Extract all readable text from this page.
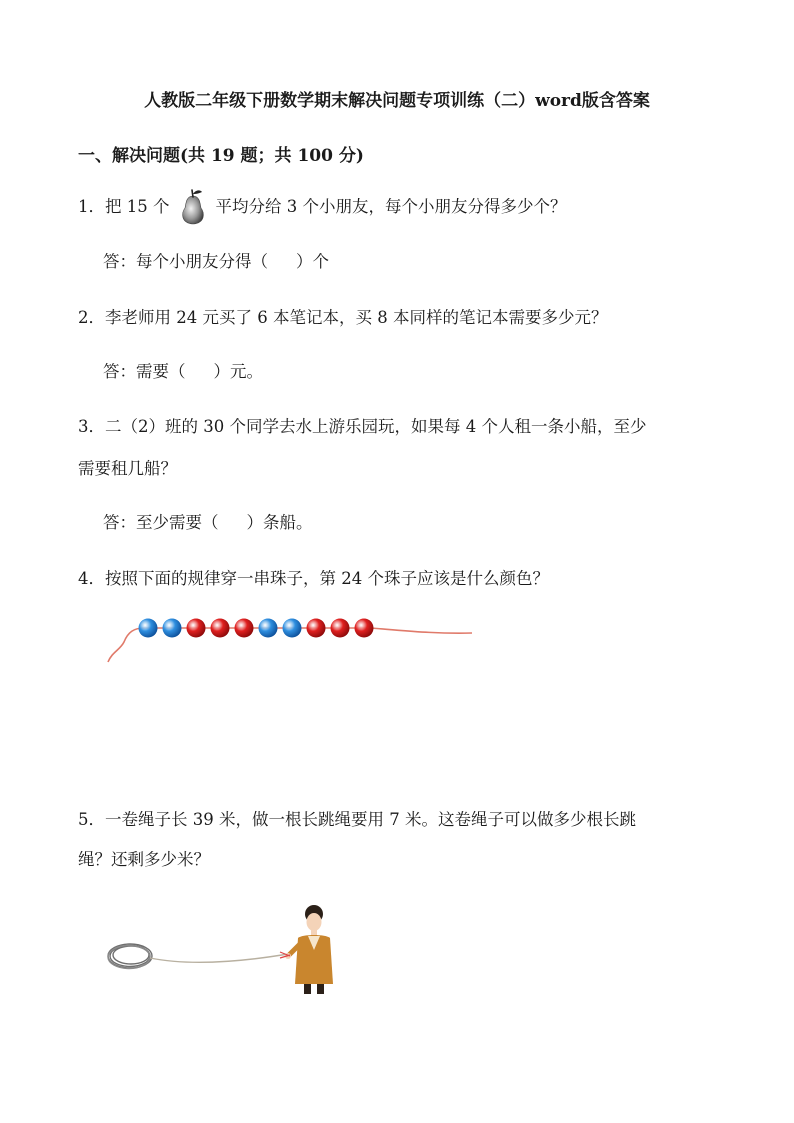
人教版二年级下册数学期末解决问题专项训练（二）word版含答案
一、解决问题(共 19 题；共 100 分)
1． 把 15 个	平均分给 3 个小朋友，每个小朋友分得多少个？
答：每个小朋友分得（ ）个
2．李老师用 24 元买了 6 本笔记本，买 8 本同样的笔记本需要多少元？
答：需要（ ）元。
3．二（2）班的 30 个同学去水上游乐园玩，如果每 4 个人租一条小船，至少
需要租几船？
答：至少需要（ ）条船。
4．按照下面的规律穿一串珠子，第 24 个珠子应该是什么颜色？
5．一卷绳子长 39 米，做一根长跳绳要用 7 米。这卷绳子可以做多少根长跳
绳？还剩多少米？
